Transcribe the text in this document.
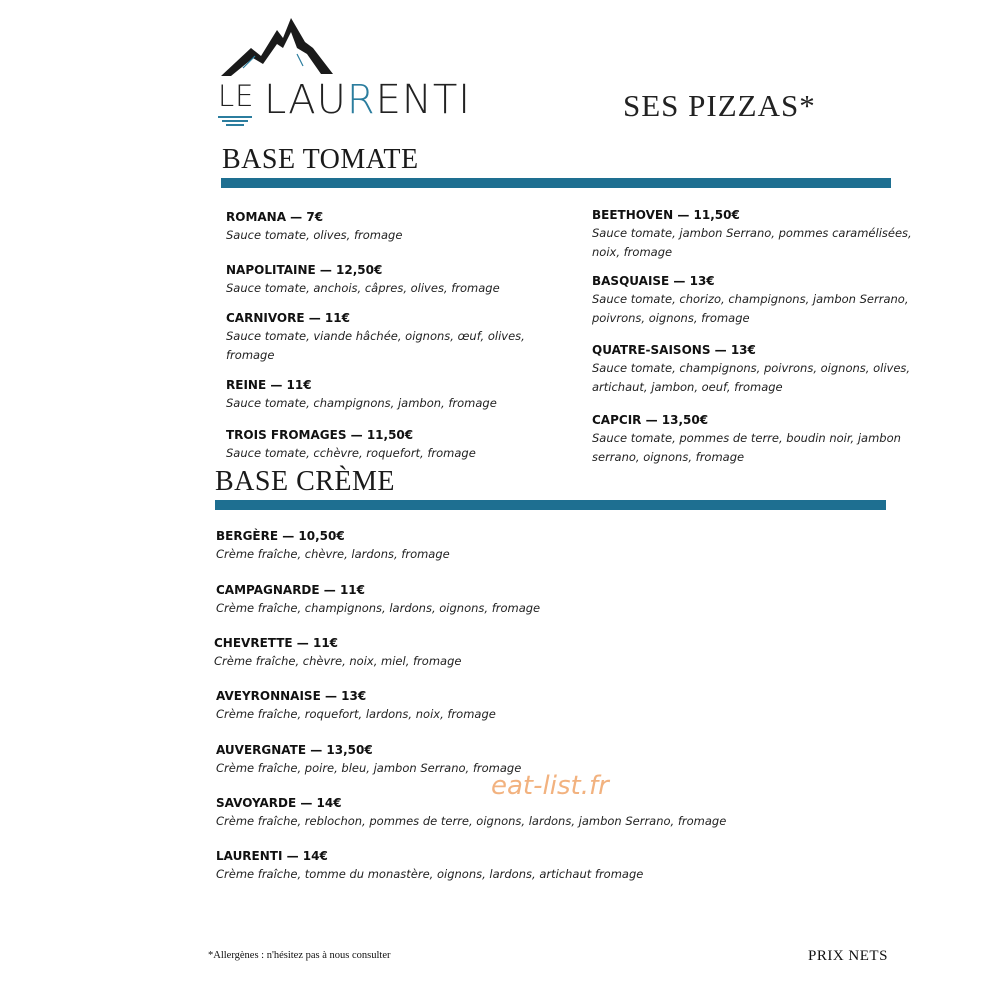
LE LAURENTI	SES PIZZAS*
BASE TOMATE
ROMANA — 7€
Sauce tomate, olives, fromage
NAPOLITAINE — 12,50€
Sauce tomate, anchois, câpres, olives, fromage
CARNIVORE — 11€
Sauce tomate, viande hâchée, oignons, œuf, olives, fromage
REINE — 11€
Sauce tomate, champignons, jambon, fromage
TROIS FROMAGES — 11,50€
Sauce tomate, cchèvre, roquefort, fromage
BEETHOVEN — 11,50€
Sauce tomate, jambon Serrano, pommes caramélisées, noix, fromage
BASQUAISE — 13€
Sauce tomate, chorizo, champignons, jambon Serrano, poivrons, oignons, fromage
QUATRE-SAISONS — 13€
Sauce tomate, champignons, poivrons, oignons, olives, artichaut, jambon, oeuf, fromage
CAPCIR — 13,50€
Sauce tomate, pommes de terre, boudin noir, jambon serrano, oignons, fromage
BASE CRÈME
BERGÈRE — 10,50€
Crème fraîche, chèvre, lardons, fromage
CAMPAGNARDE — 11€
Crème fraîche, champignons, lardons, oignons, fromage
CHEVRETTE — 11€
Crème fraîche, chèvre, noix, miel, fromage
AVEYRONNAISE — 13€
Crème fraîche, roquefort, lardons, noix, fromage
AUVERGNATE — 13,50€
Crème fraîche, poire, bleu, jambon Serrano, fromage
SAVOYARDE — 14€
Crème fraîche, reblochon, pommes de terre, oignons, lardons, jambon Serrano, fromage
LAURENTI — 14€
Crème fraîche, tomme du monastère, oignons, lardons, artichaut fromage
eat-list.fr
*Allergènes : n'hésitez pas à nous consulter	PRIX NETS
